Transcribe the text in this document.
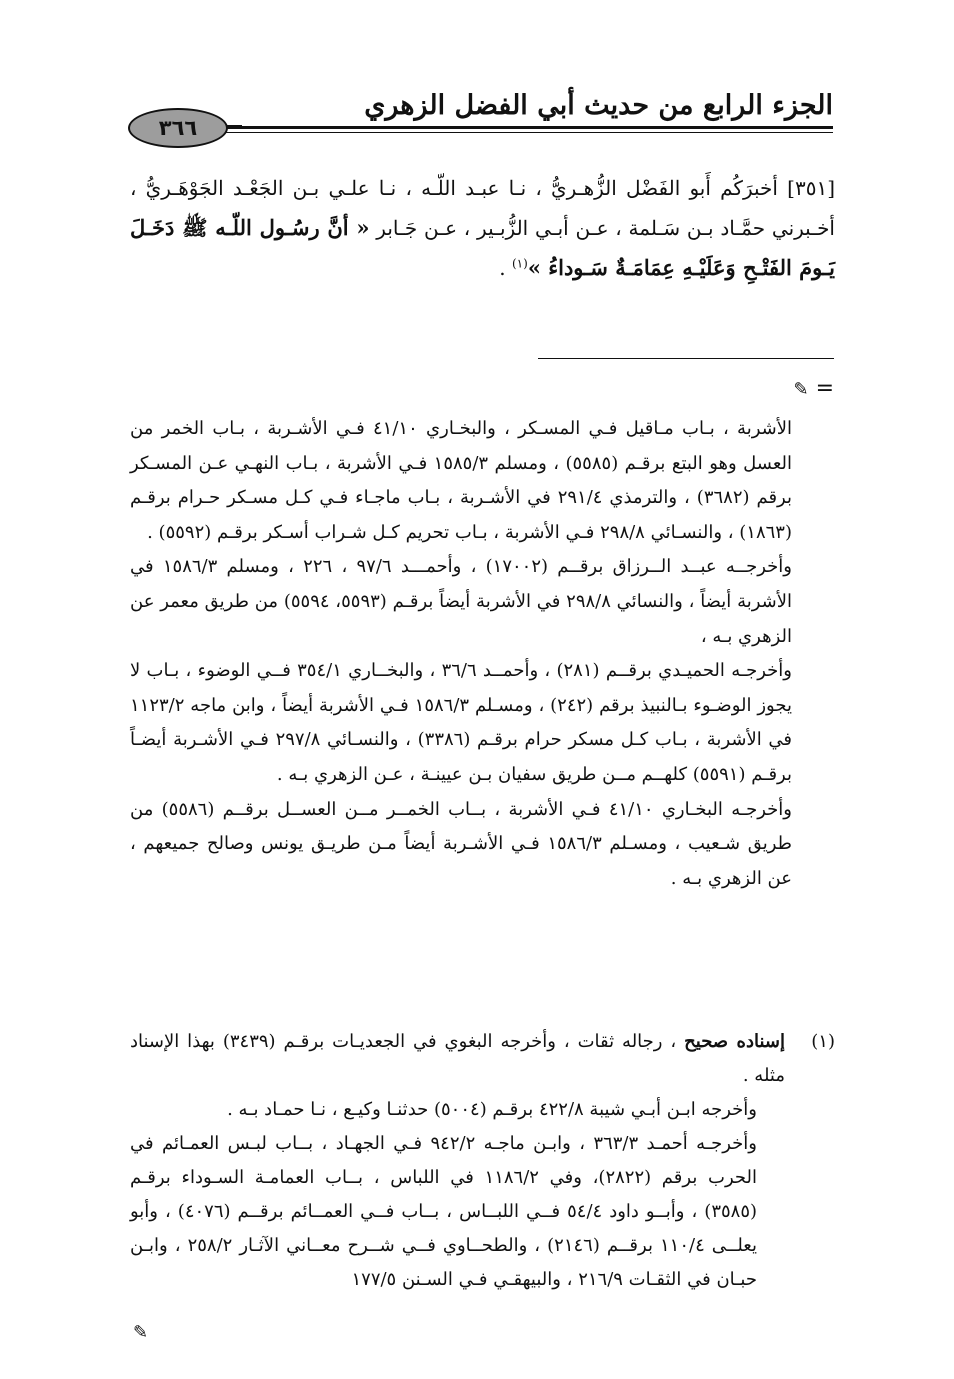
الجزء الرابع من حديث أبي الفضل الزهري
٣٦٦
[٣٥١] أخبرَكُم أَبو الفَضْل الزُّهـريُّ ، نـا عبـد اللّـه ، نـا علـي بـن الجَعْـد الجَوْهَـريُّ ، أخـبرني حمَّـاد بـن سَـلمة ، عـن أبـي الزُّبـير ، عـن جَـابر « أنَّ رسُـول اللّـه ﷺ دَخَـلَ يَـومَ الفَتْـحِ وَعَلَيْـهِ عِمَامَـةٌ سَـوداءُ »$^{(١)}$ .
= ✎

الأشربة ، بـاب مـاقيل فـي المسـكر ، والبخـاري ٤١/١٠ فـي الأشـربة ، بـاب الخمر من العسل وهو البتع برقـم (٥٥٨٥) ، ومسلم ١٥٨٥/٣ فـي الأشربة ، بـاب النهـي عـن المسـكر برقم (٣٦٨٢) ، والترمذي ٢٩١/٤ في الأشـربة ، بـاب ماجـاء فـي كـل مسـكر حـرام برقـم (١٨٦٣) ، والنسـائي ٢٩٨/٨ فـي الأشربة ، بـاب تحريم كـل شـراب أسـكر برقـم (٥٥٩٢) .

وأخرجــه عبــد الــرزاق برقــم (١٧٠٠٢) ، وأحمـــد ٩٧/٦ ، ٢٢٦ ، ومسلم ١٥٨٦/٣ في الأشربة أيضاً ، والنسائي ٢٩٨/٨ في الأشربة أيضاً برقـم (٥٥٩٣، ٥٥٩٤) من طريق معمر عن الزهري بـه ،

وأخرجـه الحميـدي برقــم (٢٨١) ، وأحمــد ٣٦/٦ ، والبخــاري ٣٥٤/١ فــي الوضوء ، بـاب لا يجوز الوضـوء بـالنبيذ برقم (٢٤٢) ، ومسـلم ١٥٨٦/٣ فـي الأشربة أيضاً ، وابن ماجه ١١٢٣/٢ في الأشربة ، بـاب كـل مسكر حرام برقـم (٣٣٨٦) ، والنسـائي ٢٩٧/٨ فـي الأشـربة أيضـاً برقـم (٥٥٩١) كلهــم مــن طريق سفيان بـن عيينـة ، عـن الزهري بـه .

وأخرجـه البخـاري ٤١/١٠ فـي الأشربة ، بــاب الخمــر مــن العســل برقــم (٥٥٨٦) من طريق شـعيب ، ومسـلم ١٥٨٦/٣ فـي الأشـربة أيضاً مـن طريـق يونس وصالح جميعهم ، عن الزهري بـه .

(١)

إسناده صحيح ، رجاله ثقات ، وأخرجه البغوي في الجعديـات برقـم (٣٤٣٩) بهذا الإسناد مثله .

وأخرجه ابـن أبـي شيبة ٤٢٢/٨ برقـم (٥٠٠٤) حدثنـا وكيـع ، نـا حمـاد بـه .

وأخرجـه أحمـد ٣٦٣/٣ ، وابـن ماجـه ٩٤٢/٢ فـي الجهـاد ، بــاب لبـس العمـائم في الحرب برقم (٢٨٢٢)، وفي ١١٨٦/٢ في اللباس ، بــاب العمامـة السـوداء برقـم (٣٥٨٥) ، وأبــو داود ٥٤/٤ فــي اللبــاس ، بــاب فــي العمــائم برقــم (٤٠٧٦) ، وأبو يعلــى ١١٠/٤ برقــم (٢١٤٦) ، والطحــاوي فــي شــرح معــاني الآثـار ٢٥٨/٢ ، وابـن حبـان في الثقـات ٢١٦/٩ ، والبيهقـي فـي السـنن ١٧٧/٥

✎
